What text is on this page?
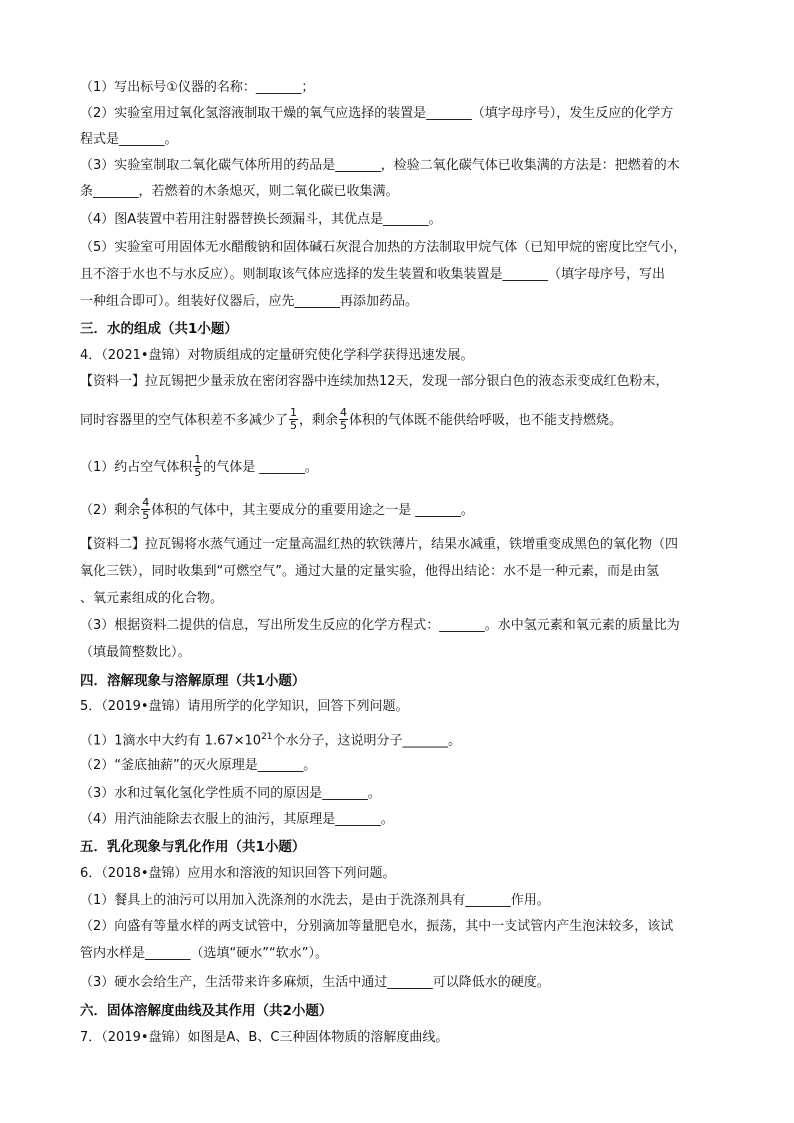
（1）写出标号①仪器的名称：_______；
（2）实验室用过氧化氢溶液制取干燥的氧气应选择的装置是_______（填字母序号），发生反应的化学方
程式是_______。
（3）实验室制取二氧化碳气体所用的药品是_______，检验二氧化碳气体已收集满的方法是：把燃着的木
条_______，若燃着的木条熄灭，则二氧化碳已收集满。
（4）图A装置中若用注射器替换长颈漏斗，其优点是_______。
（5）实验室可用固体无水醋酸钠和固体碱石灰混合加热的方法制取甲烷气体（已知甲烷的密度比空气小，
且不溶于水也不与水反应）。则制取该气体应选择的发生装置和收集装置是_______（填字母序号，写出
一种组合即可）。组装好仪器后，应先_______再添加药品。
三．水的组成（共1小题）
4．（2021•盘锦）对物质组成的定量研究使化学科学获得迅速发展。
【资料一】拉瓦锡把少量汞放在密闭容器中连续加热12天，发现一部分银白色的液态汞变成红色粉末，
同时容器里的空气体积差不多减少了 $\frac{1}{5}$ ，剩余 $\frac{4}{5}$ 体积的气体既不能供给呼吸，也不能支持燃烧。
（1）约占空气体积 $\frac{1}{5}$ 的气体是 _______。
（2）剩余 $\frac{4}{5}$ 体积的气体中，其主要成分的重要用途之一是 _______。
【资料二】拉瓦锡将水蒸气通过一定量高温红热的软铁薄片，结果水减重，铁增重变成黑色的氧化物（四
氧化三铁），同时收集到“可燃空气”。通过大量的定量实验，他得出结论：水不是一种元素，而是由氢
、氧元素组成的化合物。
（3）根据资料二提供的信息，写出所发生反应的化学方程式：_______。水中氢元素和氧元素的质量比为
（填最简整数比）。
四．溶解现象与溶解原理（共1小题）
5．（2019•盘锦）请用所学的化学知识，回答下列问题。
（1）1滴水中大约有 $1.67\times 10^{21}$个水分子，这说明分子_______。
（2）“釜底抽薪”的灭火原理是_______。
（3）水和过氧化氢化学性质不同的原因是_______。
（4）用汽油能除去衣服上的油污，其原理是_______。
五．乳化现象与乳化作用（共1小题）
6．（2018•盘锦）应用水和溶液的知识回答下列问题。
（1）餐具上的油污可以用加入洗涤剂的水洗去，是由于洗涤剂具有_______作用。
（2）向盛有等量水样的两支试管中，分别滴加等量肥皂水，振荡，其中一支试管内产生泡沫较多，该试
管内水样是_______（选填“硬水”“软水”）。
（3）硬水会给生产，生活带来许多麻烦，生活中通过_______可以降低水的硬度。
六．固体溶解度曲线及其作用（共2小题）
7．（2019•盘锦）如图是A、B、C三种固体物质的溶解度曲线。
